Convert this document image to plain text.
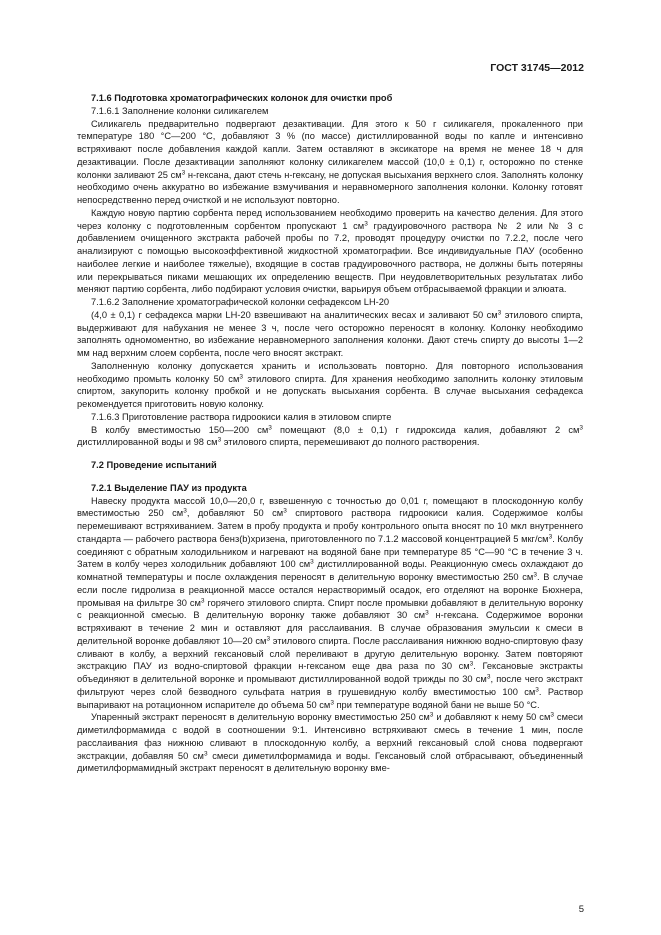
ГОСТ 31745—2012

7.1.6 Подготовка хроматографических колонок для очистки проб

7.1.6.1 Заполнение колонки силикагелем

Силикагель предварительно подвергают дезактивации. Для этого к 50 г силикагеля, прокаленного при температуре 180 °С—200 °С, добавляют 3 % (по массе) дистиллированной воды по капле и интенсивно встряхивают после добавления каждой капли. Затем оставляют в эксикаторе на время не менее 18 ч для дезактивации. После дезактивации заполняют колонку силикагелем массой (10,0 ± 0,1) г, осторожно по стенке колонки заливают 25 $см^3$ н-гексана, дают стечь н-гексану, не допуская высыхания верхнего слоя. Заполнять колонку необходимо очень аккуратно во избежание взмучивания и неравномерного заполнения колонки. Колонку готовят непосредственно перед очисткой и не используют повторно.

Каждую новую партию сорбента перед использованием необходимо проверить на качество деления. Для этого через колонку с подготовленным сорбентом пропускают 1 $см^3$ градуировочного раствора № 2 или № 3 с добавлением очищенного экстракта рабочей пробы по 7.2, проводят процедуру очистки по 7.2.2, после чего анализируют с помощью высокоэффективной жидкостной хроматографии. Все индивидуальные ПАУ (особенно наиболее легкие и наиболее тяжелые), входящие в состав градуировочного раствора, не должны быть потеряны или перекрываться пиками мешающих их определению веществ. При неудовлетворительных результатах либо меняют партию сорбента, либо подбирают условия очистки, варьируя объем отбрасываемой фракции и элюата.

7.1.6.2 Заполнение хроматографической колонки сефадексом LH-20

(4,0 ± 0,1) г сефадекса марки LH-20 взвешивают на аналитических весах и заливают 50 $см^3$ этилового спирта, выдерживают для набухания не менее 3 ч, после чего осторожно переносят в колонку. Колонку необходимо заполнять одномоментно, во избежание неравномерного заполнения колонки. Дают стечь спирту до высоты 1—2 мм над верхним слоем сорбента, после чего вносят экстракт.

Заполненную колонку допускается хранить и использовать повторно. Для повторного использования необходимо промыть колонку 50 $см^3$ этилового спирта. Для хранения необходимо заполнить колонку этиловым спиртом, закупорить колонку пробкой и не допускать высыхания сорбента. В случае высыхания сефадекса рекомендуется приготовить новую колонку.

7.1.6.3 Приготовление раствора гидроокиси калия в этиловом спирте

В колбу вместимостью 150—200 $см^3$ помещают (8,0 ± 0,1) г гидроксида калия, добавляют 2 $см^3$ дистиллированной воды и 98 $см^3$ этилового спирта, перемешивают до полного растворения.

7.2 Проведение испытаний

7.2.1 Выделение ПАУ из продукта

Навеску продукта массой 10,0—20,0 г, взвешенную с точностью до 0,01 г, помещают в плоскодонную колбу вместимостью 250 $см^3$, добавляют 50 $см^3$ спиртового раствора гидроокиси калия. Содержимое колбы перемешивают встряхиванием. Затем в пробу продукта и пробу контрольного опыта вносят по 10 мкл внутреннего стандарта — рабочего раствора бенз(b)хризена, приготовленного по 7.1.2 массовой концентрацией 5 мкг/$см^3$. Колбу соединяют с обратным холодильником и нагревают на водяной бане при температуре 85 °С—90 °С в течение 3 ч. Затем в колбу через холодильник добавляют 100 $см^3$ дистиллированной воды. Реакционную смесь охлаждают до комнатной температуры и после охлаждения переносят в делительную воронку вместимостью 250 $см^3$. В случае если после гидролиза в реакционной массе остался нерастворимый осадок, его отделяют на воронке Бюхнера, промывая на фильтре 30 $см^3$ горячего этилового спирта. Спирт после промывки добавляют в делительную воронку с реакционной смесью. В делительную воронку также добавляют 30 $см^3$ н-гексана. Содержимое воронки встряхивают в течение 2 мин и оставляют для расслаивания. В случае образования эмульсии к смеси в делительной воронке добавляют 10—20 $см^3$ этилового спирта. После расслаивания нижнюю водно-спиртовую фазу сливают в колбу, а верхний гексановый слой переливают в другую делительную воронку. Затем повторяют экстракцию ПАУ из водно-спиртовой фракции н-гексаном еще два раза по 30 $см^3$. Гексановые экстракты объединяют в делительной воронке и промывают дистиллированной водой трижды по 30 $см^3$, после чего экстракт фильтруют через слой безводного сульфата натрия в грушевидную колбу вместимостью 100 $см^3$. Раствор выпаривают на ротационном испарителе до объема 50 $см^3$ при температуре водяной бани не выше 50 °С.

Упаренный экстракт переносят в делительную воронку вместимостью 250 $см^3$ и добавляют к нему 50 $см^3$ смеси диметилформамида с водой в соотношении 9:1. Интенсивно встряхивают смесь в течение 1 мин, после расслаивания фаз нижнюю сливают в плоскодонную колбу, а верхний гексановый слой снова подвергают экстракции, добавляя 50 $см^3$ смеси диметилформамида и воды. Гексановый слой отбрасывают, объединенный диметилформамидный экстракт переносят в делительную воронку вме-

5
